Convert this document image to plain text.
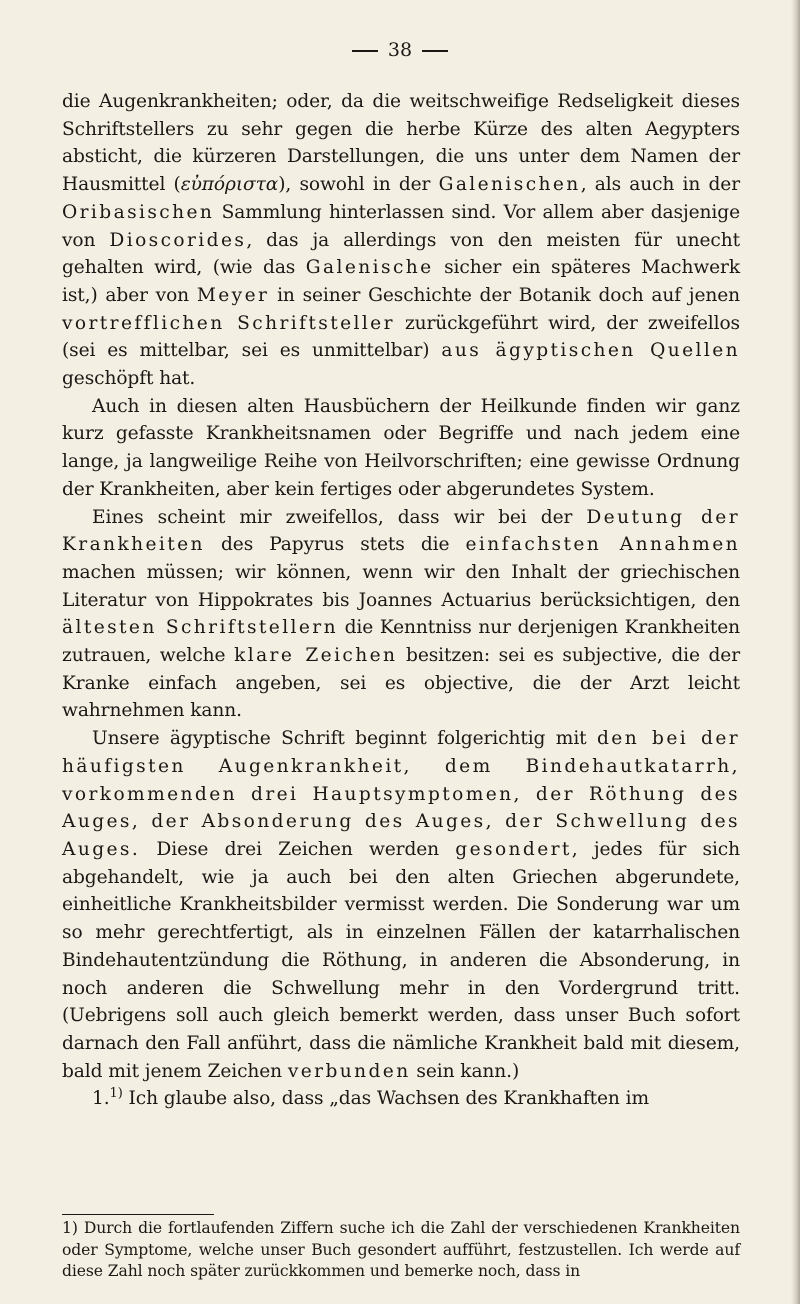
38

die Augenkrankheiten; oder, da die weitschweifige Redseligkeit dieses Schriftstellers zu sehr gegen die herbe Kürze des alten Aegypters absticht, die kürzeren Darstellungen, die uns unter dem Namen der Hausmittel (εὐπόριστα), sowohl in der Galenischen, als auch in der Oribasischen Sammlung hinterlassen sind. Vor allem aber dasjenige von Dioscorides, das ja allerdings von den meisten für unecht gehalten wird, (wie das Galenische sicher ein späteres Machwerk ist,) aber von Meyer in seiner Geschichte der Botanik doch auf jenen vortrefflichen Schriftsteller zurückgeführt wird, der zweifellos (sei es mittelbar, sei es unmittelbar) aus ägyptischen Quellen geschöpft hat.

Auch in diesen alten Hausbüchern der Heilkunde finden wir ganz kurz gefasste Krankheitsnamen oder Begriffe und nach jedem eine lange, ja langweilige Reihe von Heilvorschriften; eine gewisse Ordnung der Krankheiten, aber kein fertiges oder abgerundetes System.

Eines scheint mir zweifellos, dass wir bei der Deutung der Krankheiten des Papyrus stets die einfachsten Annahmen machen müssen; wir können, wenn wir den Inhalt der griechischen Literatur von Hippokrates bis Joannes Actuarius berücksichtigen, den ältesten Schriftstellern die Kenntniss nur derjenigen Krankheiten zutrauen, welche klare Zeichen besitzen: sei es subjective, die der Kranke einfach angeben, sei es objective, die der Arzt leicht wahrnehmen kann.

Unsere ägyptische Schrift beginnt folgerichtig mit den bei der häufigsten Augenkrankheit, dem Bindehautkatarrh, vorkommenden drei Hauptsymptomen, der Röthung des Auges, der Absonderung des Auges, der Schwellung des Auges. Diese drei Zeichen werden gesondert, jedes für sich abgehandelt, wie ja auch bei den alten Griechen abgerundete, einheitliche Krankheitsbilder vermisst werden. Die Sonderung war um so mehr gerechtfertigt, als in einzelnen Fällen der katarrhalischen Bindehautentzündung die Röthung, in anderen die Absonderung, in noch anderen die Schwellung mehr in den Vordergrund tritt. (Uebrigens soll auch gleich bemerkt werden, dass unser Buch sofort darnach den Fall anführt, dass die nämliche Krankheit bald mit diesem, bald mit jenem Zeichen verbunden sein kann.)

1.$^{1)}$ Ich glaube also, dass „das Wachsen des Krankhaften im

1) Durch die fortlaufenden Ziffern suche ich die Zahl der verschiedenen Krankheiten oder Symptome, welche unser Buch gesondert aufführt, festzustellen. Ich werde auf diese Zahl noch später zurückkommen und bemerke noch, dass in
